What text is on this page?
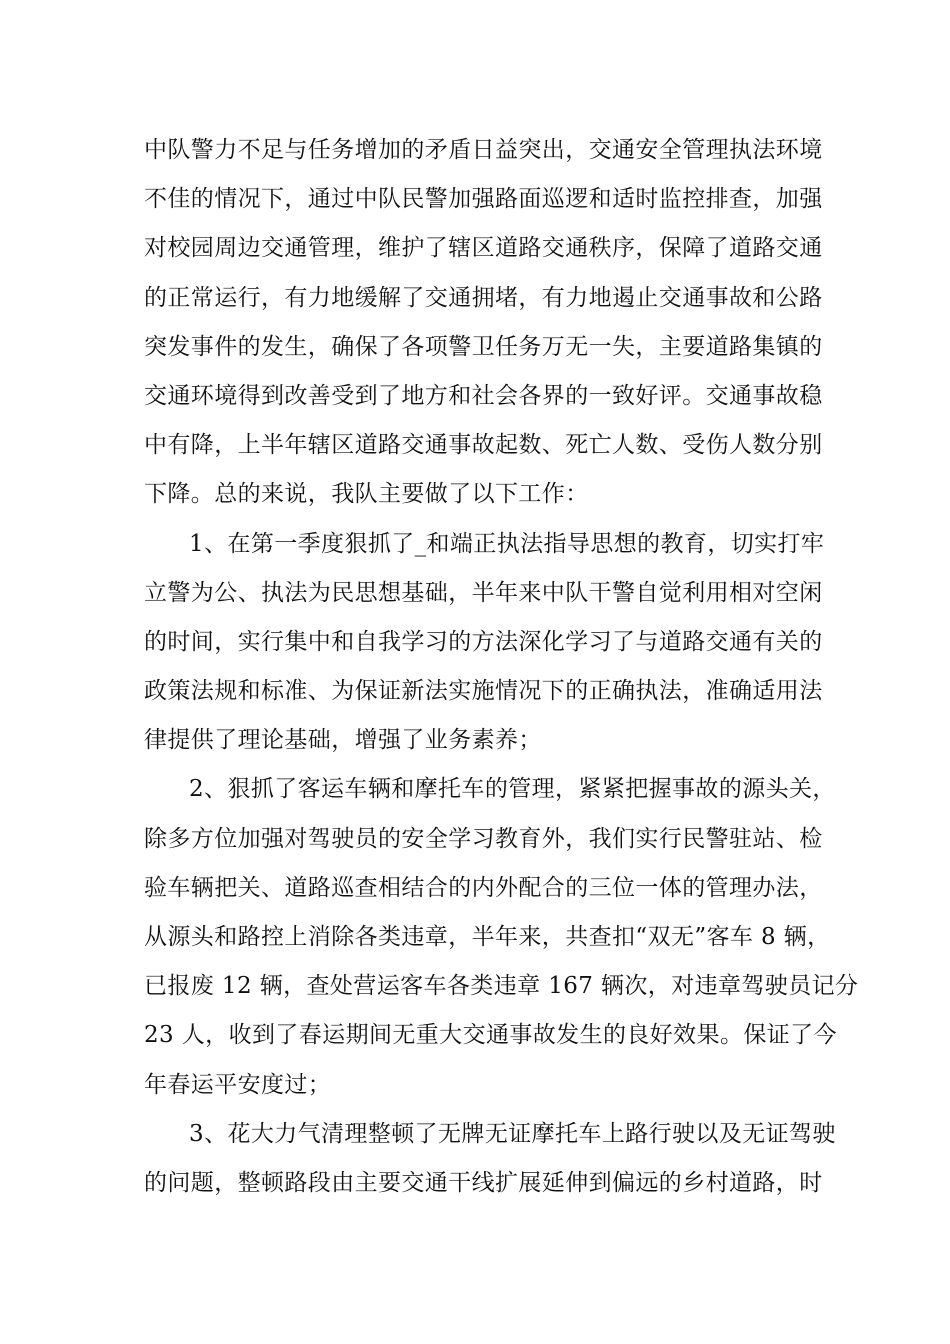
中队警力不足与任务增加的矛盾日益突出，交通安全管理执法环境
不佳的情况下，通过中队民警加强路面巡逻和适时监控排查，加强
对校园周边交通管理，维护了辖区道路交通秩序，保障了道路交通
的正常运行，有力地缓解了交通拥堵，有力地遏止交通事故和公路
突发事件的发生，确保了各项警卫任务万无一失，主要道路集镇的
交通环境得到改善受到了地方和社会各界的一致好评。交通事故稳
中有降，上半年辖区道路交通事故起数、死亡人数、受伤人数分别
下降。总的来说，我队主要做了以下工作：
1、在第一季度狠抓了_和端正执法指导思想的教育，切实打牢
立警为公、执法为民思想基础，半年来中队干警自觉利用相对空闲
的时间，实行集中和自我学习的方法深化学习了与道路交通有关的
政策法规和标准、为保证新法实施情况下的正确执法，准确适用法
律提供了理论基础，增强了业务素养；
2、狠抓了客运车辆和摩托车的管理，紧紧把握事故的源头关，
除多方位加强对驾驶员的安全学习教育外，我们实行民警驻站、检
验车辆把关、道路巡查相结合的内外配合的三位一体的管理办法，
从源头和路控上消除各类违章，半年来，共查扣“双无”客车 8 辆，
已报废 12 辆，查处营运客车各类违章 167 辆次，对违章驾驶员记分
23 人，收到了春运期间无重大交通事故发生的良好效果。保证了今
年春运平安度过；
3、花大力气清理整顿了无牌无证摩托车上路行驶以及无证驾驶
的问题，整顿路段由主要交通干线扩展延伸到偏远的乡村道路，时
